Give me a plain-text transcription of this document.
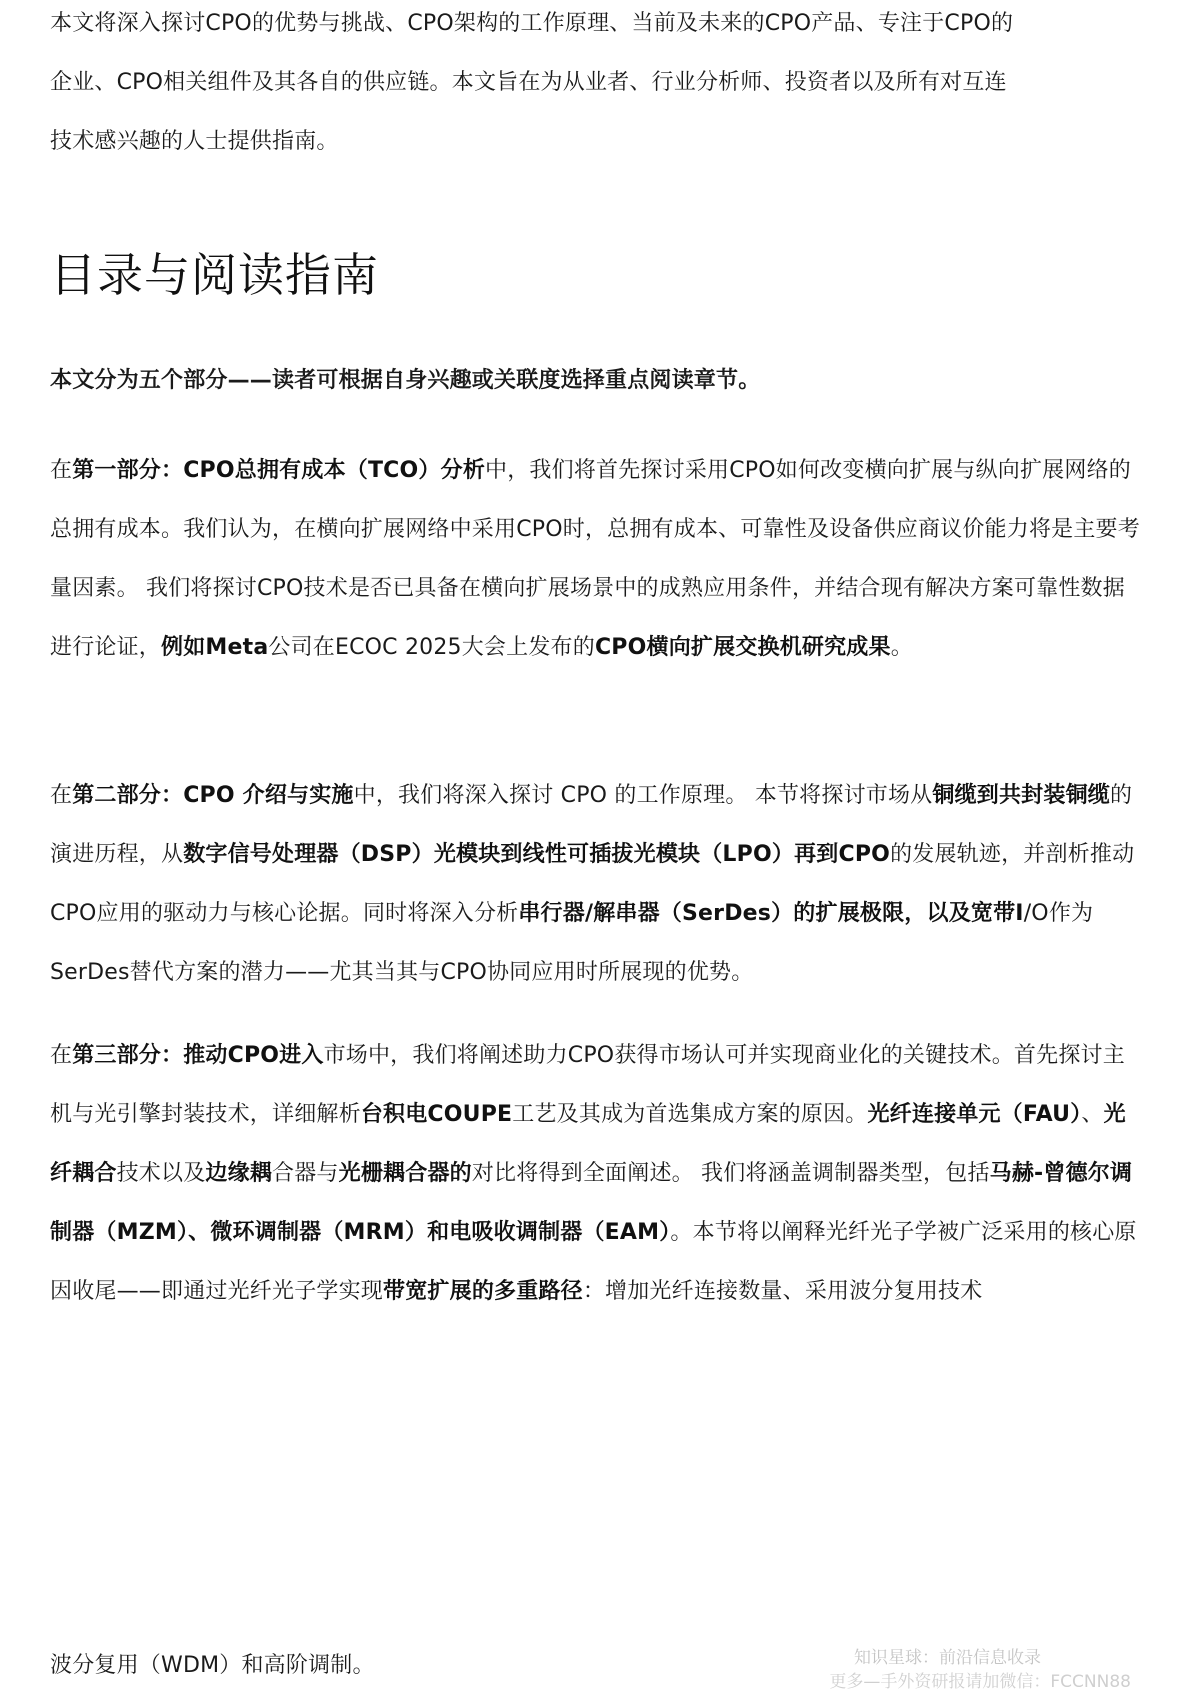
本文将深入探讨CPO的优势与挑战、CPO架构的工作原理、当前及未来的CPO产品、专注于CPO的
企业、CPO相关组件及其各自的供应链。本文旨在为从业者、行业分析师、投资者以及所有对互连
技术感兴趣的人士提供指南。
目录与阅读指南

本文分为五个部分——读者可根据自身兴趣或关联度选择重点阅读章节。

在第一部分：CPO总拥有成本（TCO）分析中，我们将首先探讨采用CPO如何改变横向扩展与纵向扩展网络的总拥有成本。我们认为，在横向扩展网络中采用CPO时，总拥有成本、可靠性及设备供应商议价能力将是主要考量因素。 我们将探讨CPO技术是否已具备在横向扩展场景中的成熟应用条件，并结合现有解决方案可靠性数据进行论证，例如Meta公司在ECOC 2025大会上发布的CPO横向扩展交换机研究成果。

在第二部分：CPO 介绍与实施中，我们将深入探讨 CPO 的工作原理。 本节将探讨市场从铜缆到共封装铜缆的演进历程，从数字信号处理器（DSP）光模块到线性可插拔光模块（LPO）再到CPO的发展轨迹，并剖析推动CPO应用的驱动力与核心论据。同时将深入分析串行器/解串器（SerDes）的扩展极限，以及宽带I/O作为SerDes替代方案的潜力——尤其当其与CPO协同应用时所展现的优势。

在第三部分：推动CPO进入市场中，我们将阐述助力CPO获得市场认可并实现商业化的关键技术。首先探讨主机与光引擎封装技术，详细解析台积电COUPE工艺及其成为首选集成方案的原因。光纤连接单元（FAU）、光纤耦合技术以及边缘耦合器与光栅耦合器的对比将得到全面阐述。 我们将涵盖调制器类型，包括马赫-曾德尔调制器（MZM）、微环调制器（MRM）和电吸收调制器（EAM）。本节将以阐释光纤光子学被广泛采用的核心原因收尾——即通过光纤光子学实现带宽扩展的多重路径：增加光纤连接数量、采用波分复用技术

波分复用（WDM）和高阶调制。	知识星球：前沿信息收录
更多—手外资研报请加微信：FCCNN88
